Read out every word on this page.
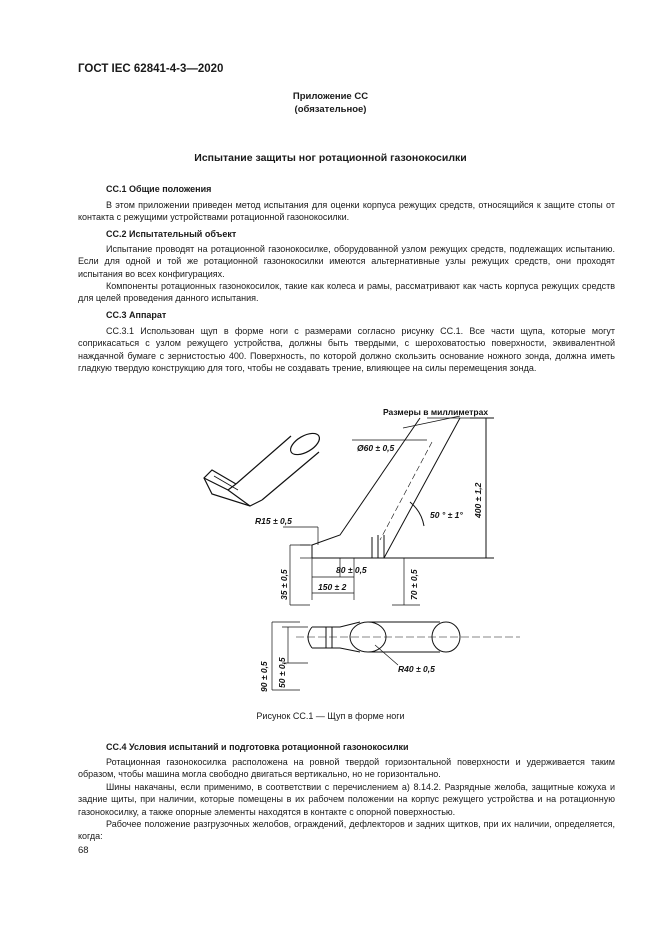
ГОСТ IEC 62841-4-3—2020
Приложение СС
(обязательное)
Испытание защиты ног ротационной газонокосилки
СС.1 Общие положения
В этом приложении приведен метод испытания для оценки корпуса режущих средств, относящийся к защите стопы от контакта с режущими устройствами ротационной газонокосилки.
СС.2 Испытательный объект
Испытание проводят на ротационной газонокосилке, оборудованной узлом режущих средств, подлежащих испытанию. Если для одной и той же ротационной газонокосилки имеются альтернативные узлы режущих средств, они проходят испытания во всех конфигурациях.
Компоненты ротационных газонокосилок, такие как колеса и рамы, рассматривают как часть корпуса режущих средств для целей проведения данного испытания.
СС.3 Аппарат
СС.3.1 Использован щуп в форме ноги с размерами согласно рисунку СС.1. Все части щупа, которые могут соприкасаться с узлом режущего устройства, должны быть твердыми, с шероховатостью поверхности, эквивалентной наждачной бумаге с зернистостью 400. Поверхность, по которой должно скользить основание ножного зонда, должна иметь гладкую твердую конструкцию для того, чтобы не создавать трение, влияющее на силы перемещения зонда.
Размеры в миллиметрах
Ø60 ± 0,5
400 ± 1,2
50 ° ± 1°
R15 ± 0,5
80 ± 0,5
150 ± 2
35 ± 0,5	70 ± 0,5
90 ± 0,5 50 ± 0,5	R40 ± 0,5
Рисунок СС.1 — Щуп в форме ноги
СС.4 Условия испытаний и подготовка ротационной газонокосилки
Ротационная газонокосилка расположена на ровной твердой горизонтальной поверхности и удерживается таким образом, чтобы машина могла свободно двигаться вертикально, но не горизонтально.
Шины накачаны, если применимо, в соответствии с перечислением а) 8.14.2. Разрядные желоба, защитные кожуха и задние щиты, при наличии, которые помещены в их рабочем положении на корпус режущего устройства и на ротационную газонокосилку, а также опорные элементы находятся в контакте с опорной поверхностью.
Рабочее положение разгрузочных желобов, ограждений, дефлекторов и задних щитков, при их наличии, определяется, когда:
68
